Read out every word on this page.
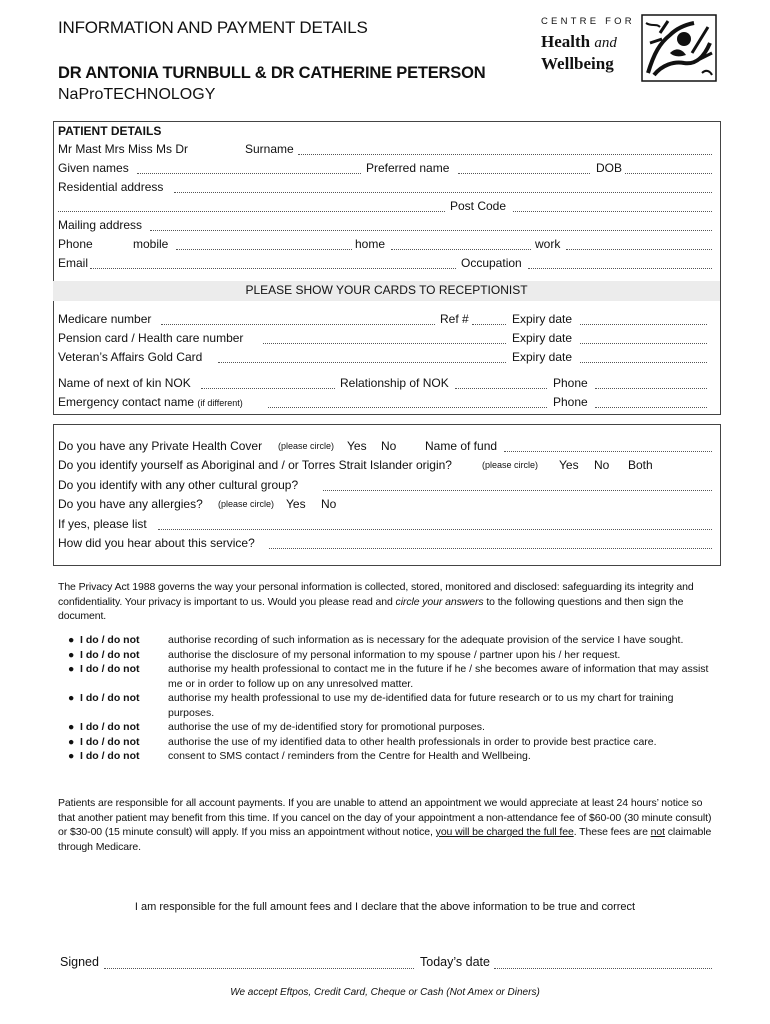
INFORMATION AND PAYMENT DETAILS
DR ANTONIA TURNBULL & DR CATHERINE PETERSON
NaProTECHNOLOGY
CENTRE FOR
Health and
Wellbeing
PATIENT DETAILS
Mr Mast Mrs Miss Ms Dr	Surname
Given names	Preferred name	DOB
Residential address
Post Code
Mailing address
Phone	mobile	home	work
Email	Occupation
PLEASE SHOW YOUR CARDS TO RECEPTIONIST
Medicare number	Ref #	Expiry date
Pension card / Health care number	Expiry date
Veteran’s Affairs Gold Card	Expiry date
Name of next of kin NOK	Relationship of NOK	Phone
Emergency contact name (if different)	Phone
Do you have any Private Health Cover (please circle) Yes No Name of fund
Do you identify yourself as Aboriginal and / or Torres Strait Islander origin?	(please circle) Yes No Both
Do you identify with any other cultural group?
Do you have any allergies? (please circle) Yes No
If yes, please list
How did you hear about this service?
The Privacy Act 1988 governs the way your personal information is collected, stored, monitored and disclosed: safeguarding its integrity and confidentiality. Your privacy is important to us. Would you please read and circle your answers to the following questions and then sign the document.
● I do / do not	authorise recording of such information as is necessary for the adequate provision of the service I have sought.
● I do / do not	authorise the disclosure of my personal information to my spouse / partner upon his / her request.
● I do / do not	authorise my health professional to contact me in the future if he / she becomes aware of information that may assist me or in order to follow up on any unresolved matter.
● I do / do not	authorise my health professional to use my de-identified data for future research or to us my chart for training purposes.
● I do / do not	authorise the use of my de-identified story for promotional purposes.
● I do / do not	authorise the use of my identified data to other health professionals in order to provide best practice care.
● I do / do not	consent to SMS contact / reminders from the Centre for Health and Wellbeing.
Patients are responsible for all account payments. If you are unable to attend an appointment we would appreciate at least 24 hours’ notice so that another patient may benefit from this time. If you cancel on the day of your appointment a non-attendance fee of $60-00 (30 minute consult) or $30-00 (15 minute consult) will apply. If you miss an appointment without notice, you will be charged the full fee. These fees are not claimable through Medicare.
I am responsible for the full amount fees and I declare that the above information to be true and correct
Signed	Today’s date
We accept Eftpos, Credit Card, Cheque or Cash (Not Amex or Diners)
